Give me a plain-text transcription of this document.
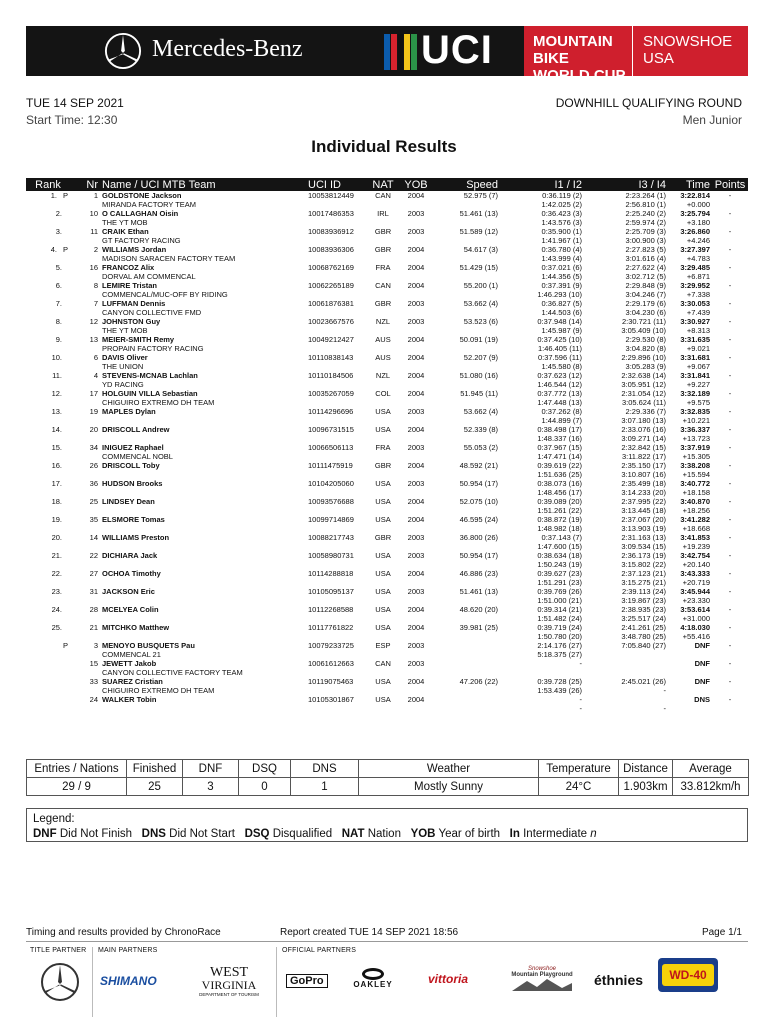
Mercedes-Benz	UCI	MOUNTAIN BIKE
WORLD CUP
SNOWSHOE
USA
TUE 14 SEP 2021
Start Time: 12:30
DOWNHILL QUALIFYING ROUND
Men Junior
Individual Results
Rank	Nr	Name / UCI MTB Team	UCI ID	NAT	YOB	Speed	I1 / I2	I3 / I4	Time	Points
1. P	1	GOLDSTONE Jackson	10053812449	CAN	2004	52.975 (7)	0:36.119 (2)	2:23.264 (1)	3:22.814	-
		MIRANDA FACTORY TEAM					1:42.025 (2)	2:56.810 (1)	+0.000	
2.	10	O CALLAGHAN Oisin	10017486353	IRL	2003	51.461 (13)	0:36.423 (3)	2:25.240 (2)	3:25.794	-
		THE YT MOB					1:43.576 (3)	2:59.974 (2)	+3.180	
3.	11	CRAIK Ethan	10083936912	GBR	2003	51.589 (12)	0:35.900 (1)	2:25.709 (3)	3:26.860	-
		GT FACTORY RACING					1:41.967 (1)	3:00.900 (3)	+4.246	
4. P	2	WILLIAMS Jordan	10083936306	GBR	2004	54.617 (3)	0:36.780 (4)	2:27.823 (5)	3:27.397	-
		MADISON SARACEN FACTORY TEAM					1:43.999 (4)	3:01.616 (4)	+4.783	
5.	16	FRANCOZ Alix	10068762169	FRA	2004	51.429 (15)	0:37.021 (6)	2:27.622 (4)	3:29.485	-
		DORVAL AM COMMENCAL					1:44.356 (5)	3:02.712 (5)	+6.871	
6.	8	LEMIRE Tristan	10062265189	CAN	2004	55.200 (1)	0:37.391 (9)	2:29.848 (9)	3:29.952	-
		COMMENCAL/MUC-OFF BY RIDING					1:46.293 (10)	3:04.246 (7)	+7.338	
7.	7	LUFFMAN Dennis	10061876381	GBR	2003	53.662 (4)	0:36.827 (5)	2:29.179 (6)	3:30.053	-
		CANYON COLLECTIVE FMD					1:44.503 (6)	3:04.230 (6)	+7.439	
8.	12	JOHNSTON Guy	10023667576	NZL	2003	53.523 (6)	0:37.948 (14)	2:30.721 (11)	3:30.927	-
		THE YT MOB					1:45.987 (9)	3:05.409 (10)	+8.313	
9.	13	MEIER-SMITH Remy	10049212427	AUS	2004	50.091 (19)	0:37.425 (10)	2:29.530 (8)	3:31.635	-
		PROPAIN FACTORY RACING					1:46.405 (11)	3:04.820 (8)	+9.021	
10.	6	DAVIS Oliver	10110838143	AUS	2004	52.207 (9)	0:37.596 (11)	2:29.896 (10)	3:31.681	-
		THE UNION					1:45.580 (8)	3:05.283 (9)	+9.067	
11.	4	STEVENS-MCNAB Lachlan	10110184506	NZL	2004	51.080 (16)	0:37.623 (12)	2:32.638 (14)	3:31.841	-
		YD RACING					1:46.544 (12)	3:05.951 (12)	+9.227	
12.	17	HOLGUIN VILLA Sebastian	10035267059	COL	2004	51.945 (11)	0:37.772 (13)	2:31.054 (12)	3:32.189	-
		CHIGUIRO EXTREMO DH TEAM					1:47.448 (13)	3:05.624 (11)	+9.575	
13.	19	MAPLES Dylan	10114296696	USA	2003	53.662 (4)	0:37.262 (8)	2:29.336 (7)	3:32.835	-
							1:44.899 (7)	3:07.180 (13)	+10.221	
14.	20	DRISCOLL Andrew	10096731515	USA	2004	52.339 (8)	0:38.498 (17)	2:33.076 (16)	3:36.337	-
							1:48.337 (16)	3:09.271 (14)	+13.723	
15.	34	INIGUEZ Raphael	10066506113	FRA	2003	55.053 (2)	0:37.967 (15)	2:32.842 (15)	3:37.919	-
		COMMENCAL NOBL					1:47.471 (14)	3:11.822 (17)	+15.305	
16.	26	DRISCOLL Toby	10111475919	GBR	2004	48.592 (21)	0:39.619 (22)	2:35.150 (17)	3:38.208	-
							1:51.636 (25)	3:10.807 (16)	+15.594	
17.	36	HUDSON Brooks	10104205060	USA	2003	50.954 (17)	0:38.073 (16)	2:35.499 (18)	3:40.772	-
							1:48.456 (17)	3:14.233 (20)	+18.158	
18.	25	LINDSEY Dean	10093576688	USA	2004	52.075 (10)	0:39.089 (20)	2:37.995 (22)	3:40.870	-
							1:51.261 (22)	3:13.445 (18)	+18.256	
19.	35	ELSMORE Tomas	10099714869	USA	2004	46.595 (24)	0:38.872 (19)	2:37.067 (20)	3:41.282	-
							1:48.982 (18)	3:13.903 (19)	+18.668	
20.	14	WILLIAMS Preston	10088217743	GBR	2003	36.800 (26)	0:37.143 (7)	2:31.163 (13)	3:41.853	-
							1:47.600 (15)	3:09.534 (15)	+19.239	
21.	22	DICHIARA Jack	10058980731	USA	2003	50.954 (17)	0:38.634 (18)	2:36.173 (19)	3:42.754	-
							1:50.243 (19)	3:15.802 (22)	+20.140	
22.	27	OCHOA Timothy	10114288818	USA	2004	46.886 (23)	0:39.627 (23)	2:37.123 (21)	3:43.333	-
							1:51.291 (23)	3:15.275 (21)	+20.719	
23.	31	JACKSON Eric	10105095137	USA	2003	51.461 (13)	0:39.769 (26)	2:39.113 (24)	3:45.944	-
							1:51.000 (21)	3:19.867 (23)	+23.330	
24.	28	MCELYEA Colin	10112268588	USA	2004	48.620 (20)	0:39.314 (21)	2:38.935 (23)	3:53.614	-
							1:51.482 (24)	3:25.517 (24)	+31.000	
25.	21	MITCHKO Matthew	10117761822	USA	2004	39.981 (25)	0:39.719 (24)	2:41.261 (25)	4:18.030	-
							1:50.780 (20)	3:48.780 (25)	+55.416	
P	3	MENOYO BUSQUETS Pau	10079233725	ESP	2003		2:14.176 (27)	7:05.840 (27)	DNF	-
		COMMENCAL 21					5:18.375 (27)			
	15	JEWETT Jakob	10061612663	CAN	2003		-		DNF	-
		CANYON COLLECTIVE FACTORY TEAM								
	33	SUAREZ Cristian	10119075463	USA	2004	47.206 (22)	0:39.728 (25)	2:45.021 (26)	DNF	-
		CHIGUIRO EXTREMO DH TEAM					1:53.439 (26)	-		
	24	WALKER Tobin	10105301867	USA	2004		-		DNS	-
							-	-		
Entries / Nations	Finished	DNF	DSQ	DNS	Weather	Temperature	Distance	Average
29 / 9	25	3	0	1	Mostly Sunny	24°C	1.903km	33.812km/h
Legend:
DNF Did Not Finish DNS Did Not Start DSQ Disqualified NAT Nation YOB Year of birth In Intermediate n
Timing and results provided by ChronoRace	Report created TUE 14 SEP 2021 18:56	Page 1/1
TITLE PARTNER MAIN PARTNERS	OFFICIAL PARTNERS
SHIMANO
WEST
VIRGINIA
DEPARTMENT OF TOURISM
GoPro	OAKLEY	vittoria
Snowshoe
Mountain Playground	éthnies	WD-40
